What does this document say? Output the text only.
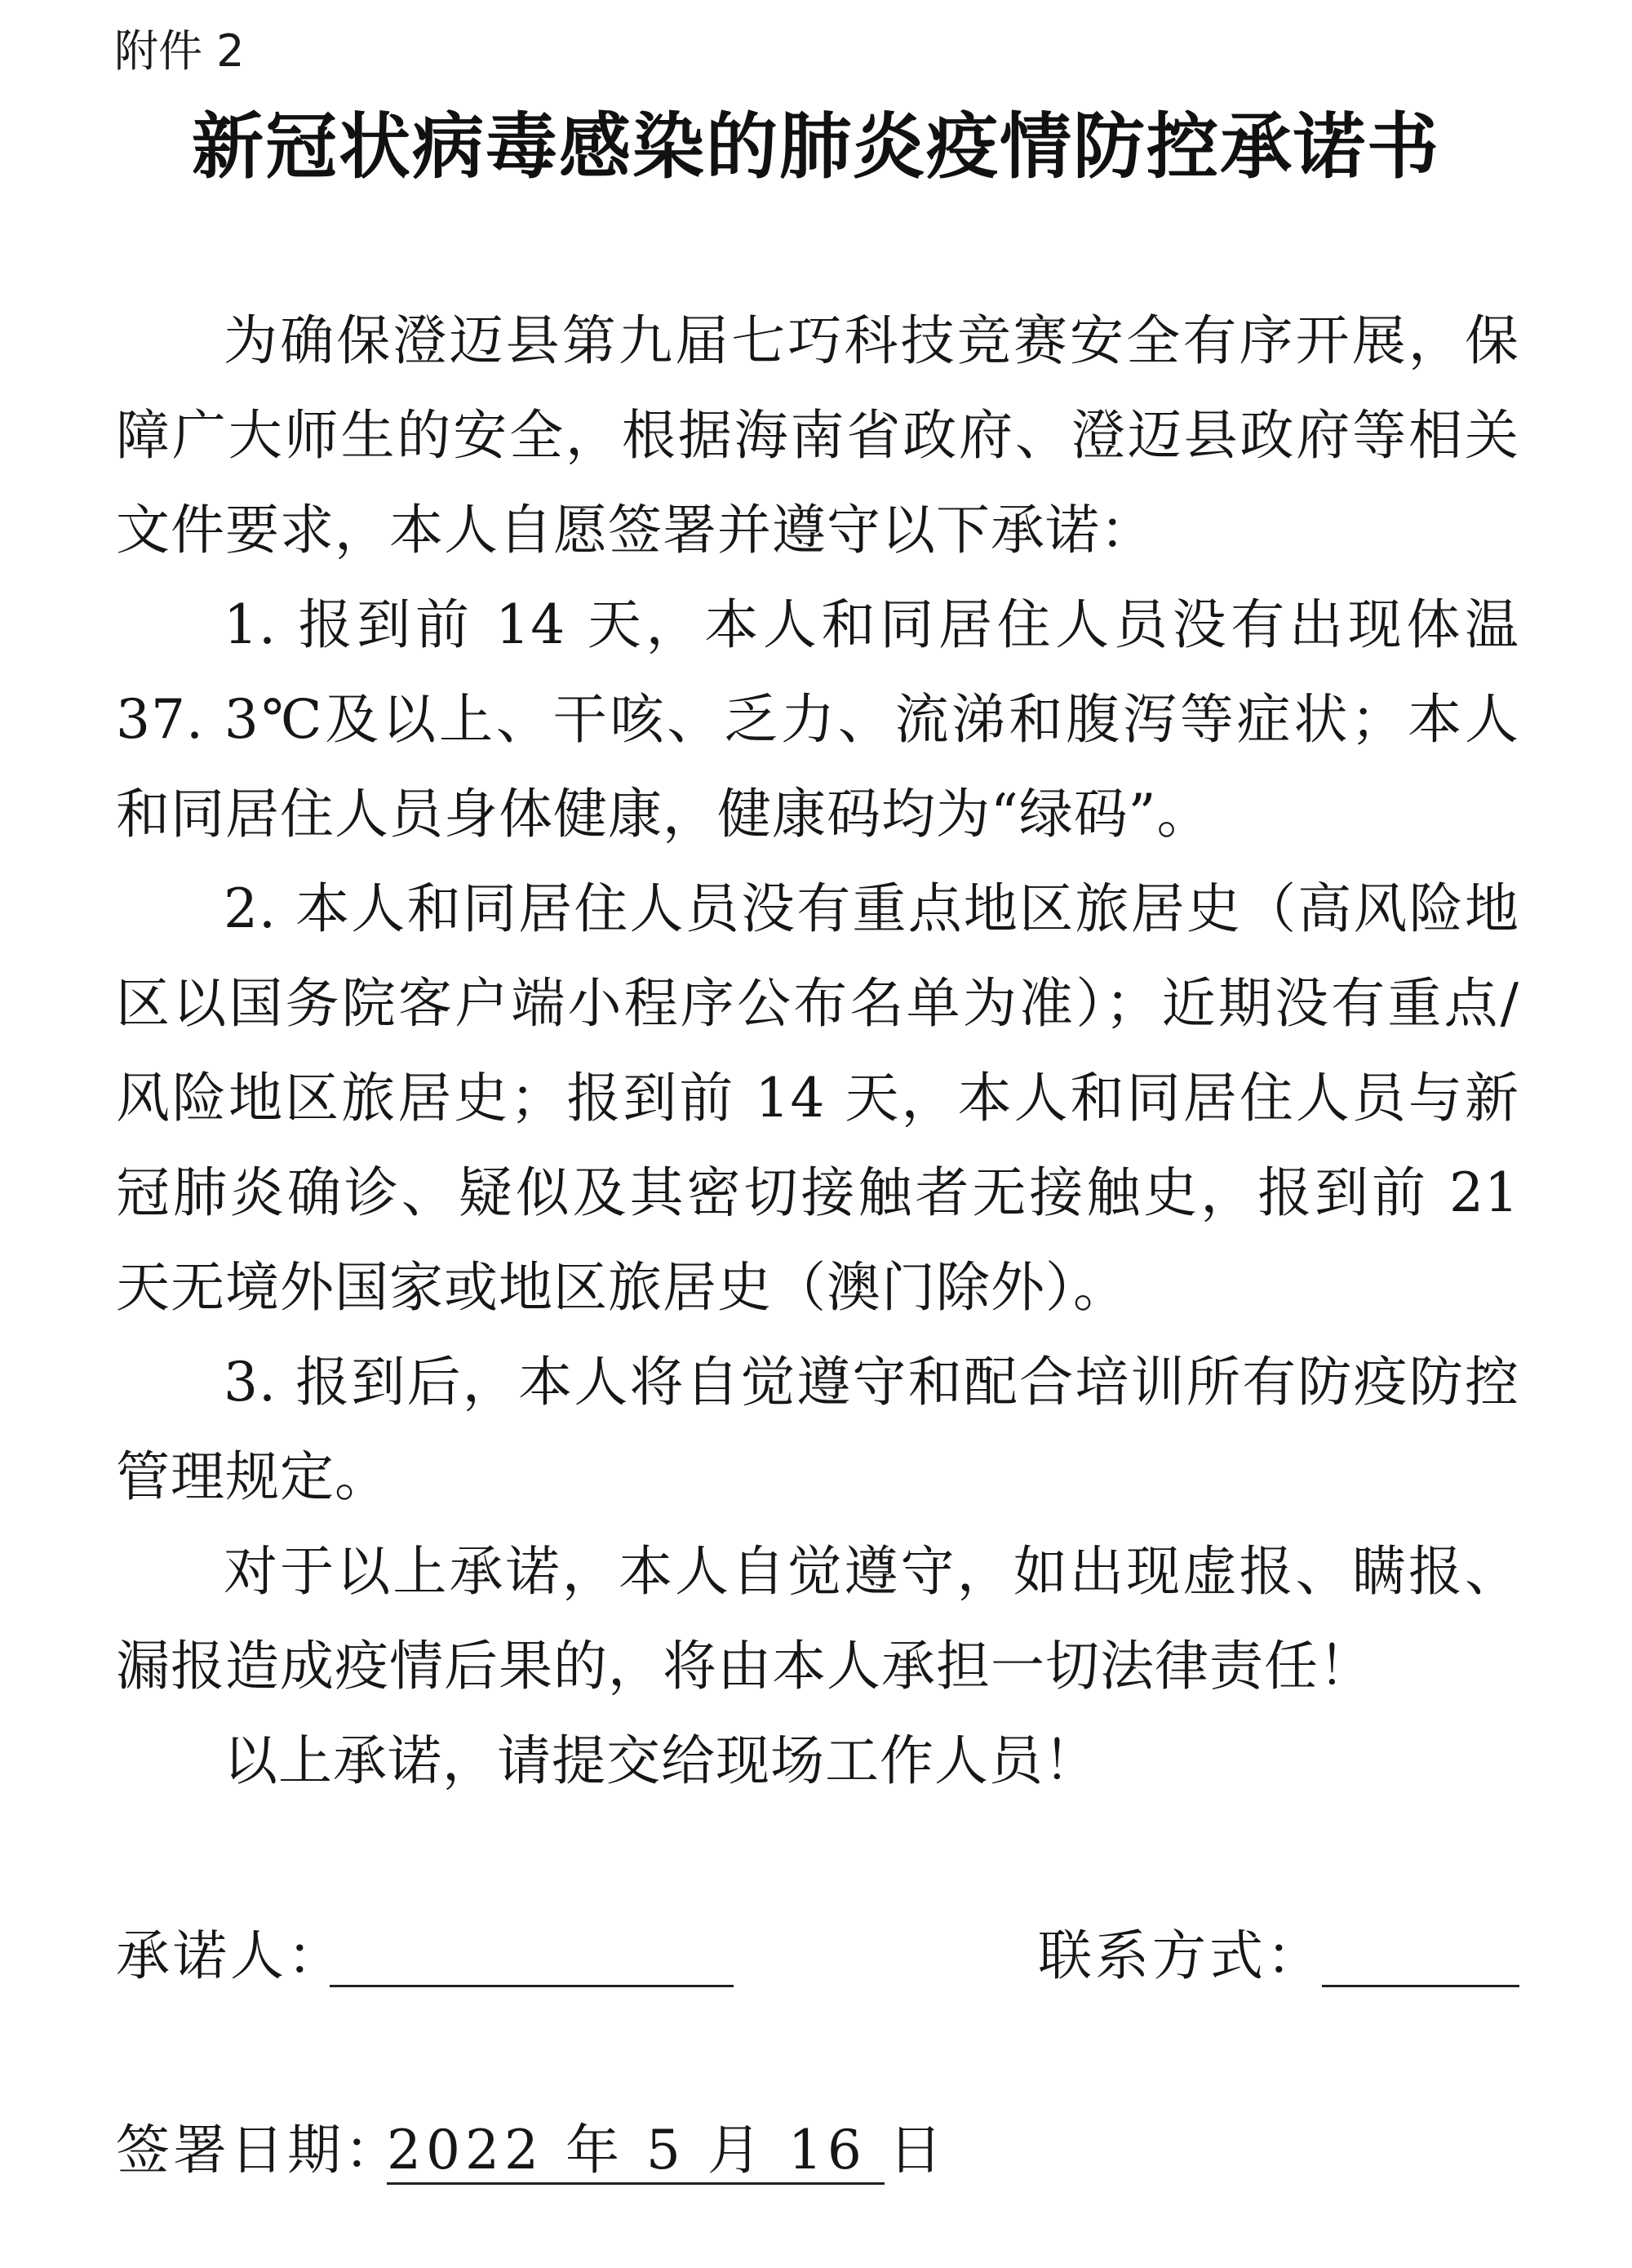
附件 2
新冠状病毒感染的肺炎疫情防控承诺书

为确保澄迈县第九届七巧科技竞赛安全有序开展，保障广大师生的安全，根据海南省政府、澄迈县政府等相关文件要求，本人自愿签署并遵守以下承诺：

1. 报到前 14 天，本人和同居住人员没有出现体温 37. 3℃及以上、干咳、乏力、流涕和腹泻等症状；本人和同居住人员身体健康，健康码均为“绿码”。

2. 本人和同居住人员没有重点地区旅居史（高风险地区以国务院客户端小程序公布名单为准）；近期没有重点/风险地区旅居史；报到前 14 天，本人和同居住人员与新冠肺炎确诊、疑似及其密切接触者无接触史，报到前 21 天无境外国家或地区旅居史（澳门除外）。

3. 报到后，本人将自觉遵守和配合培训所有防疫防控管理规定。

对于以上承诺，本人自觉遵守，如出现虚报、瞒报、漏报造成疫情后果的，将由本人承担一切法律责任！

以上承诺，请提交给现场工作人员！

承诺人：	联系方式：
签署日期：
2022 年 5 月 16 日
